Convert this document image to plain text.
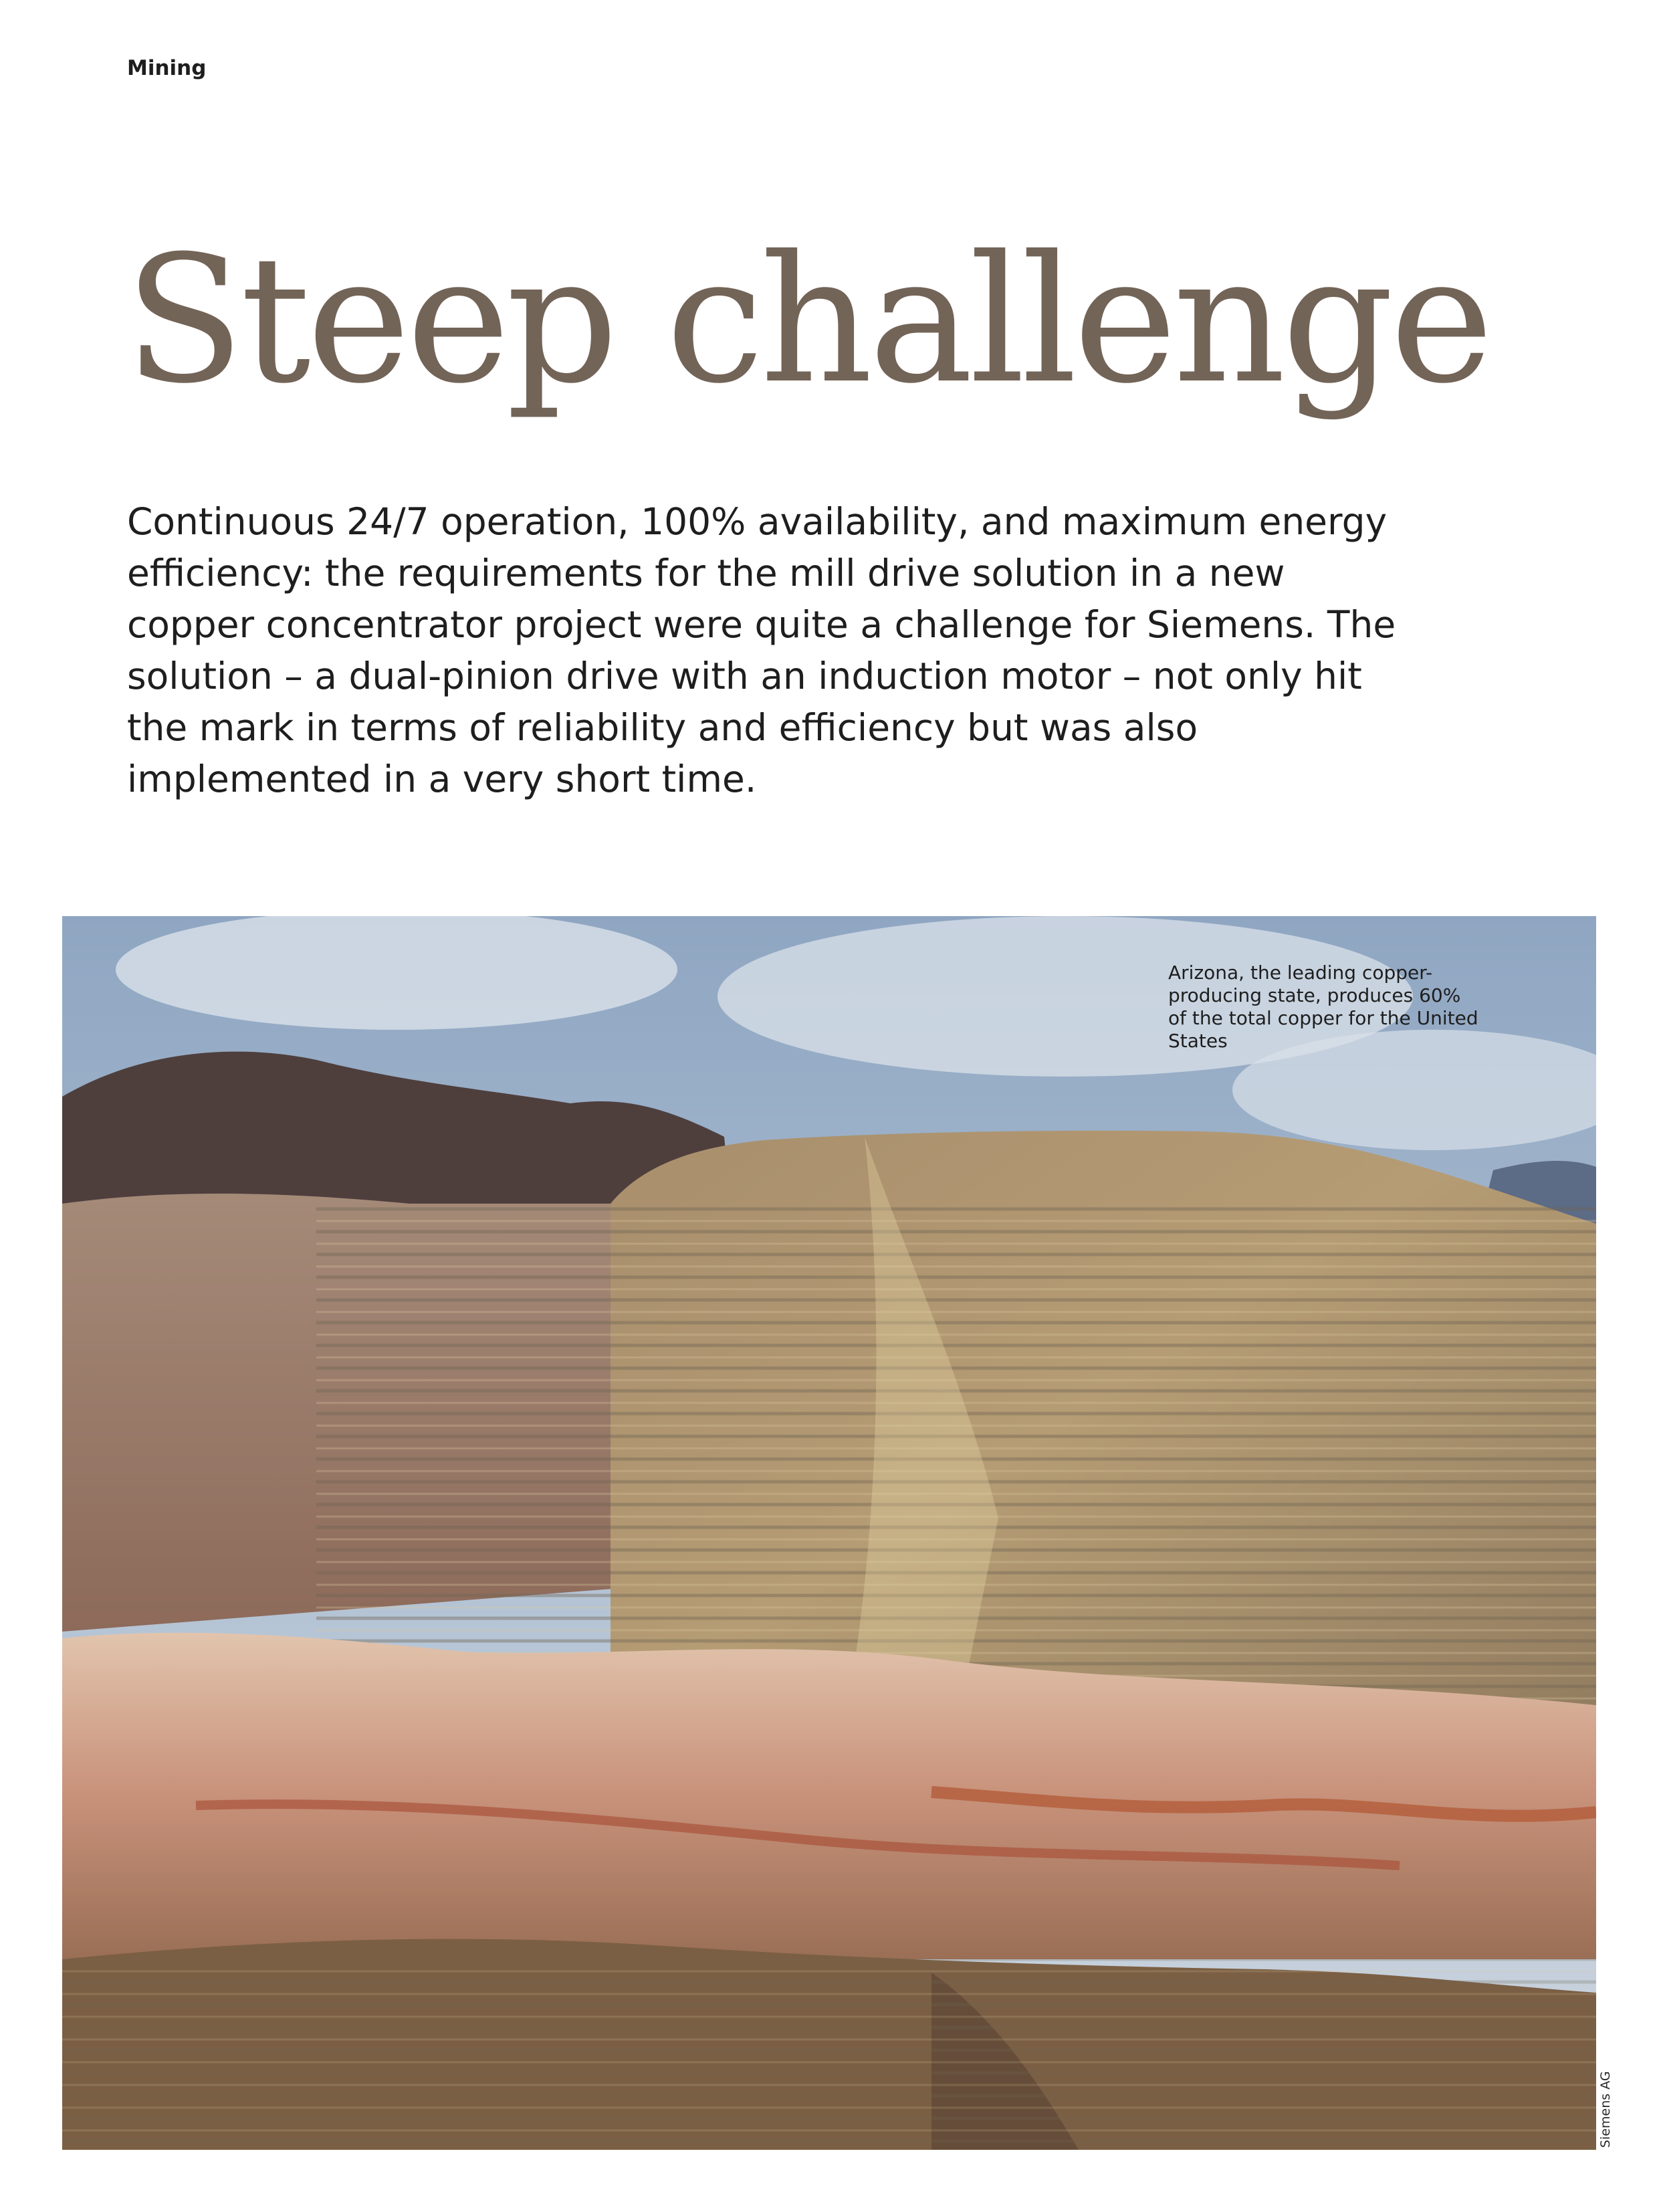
Mining
Steep challenge

Continuous 24/7 operation, 100% availability, and maximum energy efficiency: the requirements for the mill drive solution in a new copper concentrator project were quite a challenge for Siemens. The solution – a dual-pinion drive with an induction motor – not only hit the mark in terms of reliability and efficiency but was also implemented in a very short time.

Arizona, the leading copper-producing state, produces 60% of the total copper for the United States

Siemens AG
